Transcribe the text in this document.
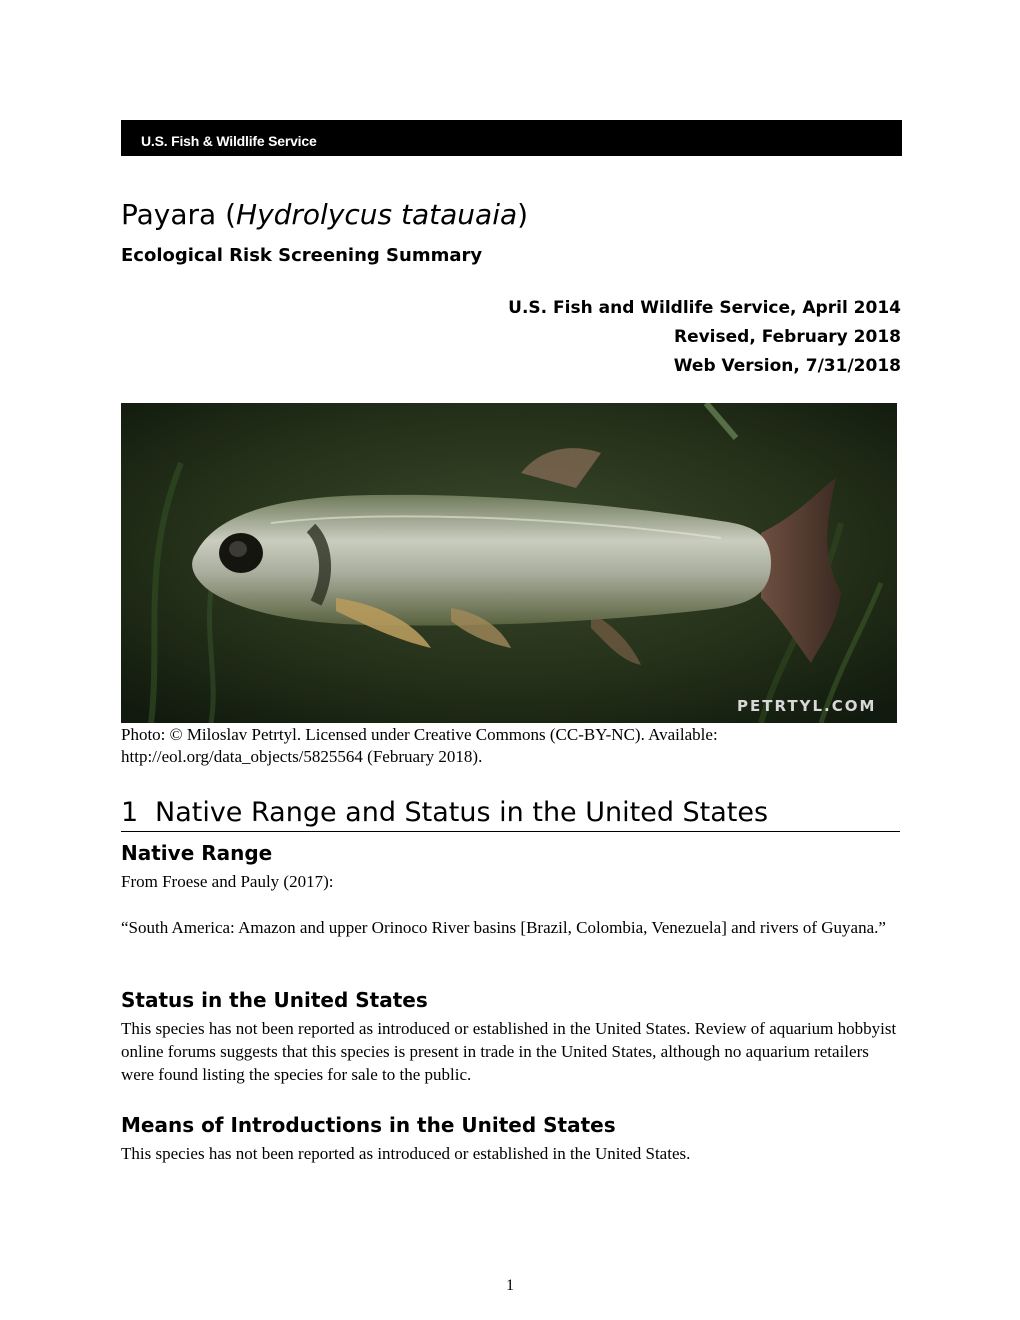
U.S. Fish & Wildlife Service
Payara (Hydrolycus tatauaia)
Ecological Risk Screening Summary
U.S. Fish and Wildlife Service, April 2014
Revised, February 2018
Web Version, 7/31/2018
PETRTYL.COM
Photo: © Miloslav Petrtyl. Licensed under Creative Commons (CC-BY-NC). Available: http://eol.org/data_objects/5825564 (February 2018).
1 Native Range and Status in the United States
Native Range
From Froese and Pauly (2017):
“South America: Amazon and upper Orinoco River basins [Brazil, Colombia, Venezuela] and rivers of Guyana.”
Status in the United States
This species has not been reported as introduced or established in the United States. Review of aquarium hobbyist online forums suggests that this species is present in trade in the United States, although no aquarium retailers were found listing the species for sale to the public.
Means of Introductions in the United States
This species has not been reported as introduced or established in the United States.
1
